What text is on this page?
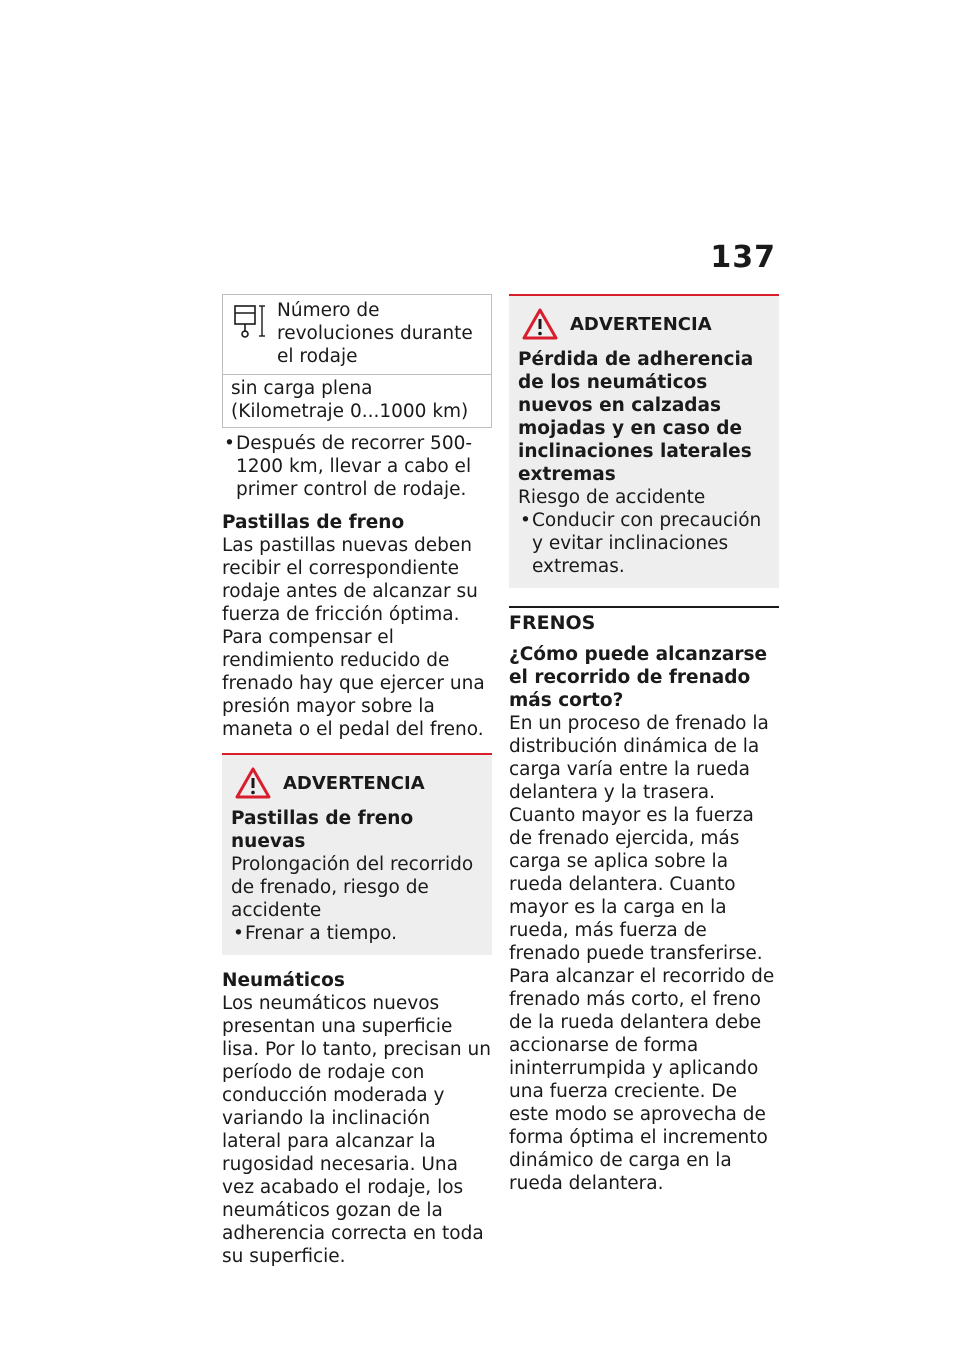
137
Número de revoluciones durante el rodaje
sin carga plena (Kilometraje 0...1000 km)
• Después de recorrer 500-1200 km, llevar a cabo el primer control de rodaje.
Pastillas de freno

Las pastillas nuevas deben recibir el correspondiente rodaje antes de alcanzar su fuerza de fricción óptima. Para compensar el rendimiento reducido de frenado hay que ejercer una presión mayor sobre la maneta o el pedal del freno.

ADVERTENCIA
Pastillas de freno nuevas
Prolongación del recorrido de frenado, riesgo de accidente
• Frenar a tiempo.
Neumáticos

Los neumáticos nuevos presentan una superficie lisa. Por lo tanto, precisan un período de rodaje con conducción moderada y variando la inclinación lateral para alcanzar la rugosidad necesaria. Una vez acabado el rodaje, los neumáticos gozan de la adherencia correcta en toda su superficie.

ADVERTENCIA
Pérdida de adherencia de los neumáticos nuevos en calzadas mojadas y en caso de inclinaciones laterales extremas
Riesgo de accidente
• Conducir con precaución y evitar inclinaciones extremas.
FRENOS
¿Cómo puede alcanzarse el recorrido de frenado más corto?

En un proceso de frenado la distribución dinámica de la carga varía entre la rueda delantera y la trasera. Cuanto mayor es la fuerza de frenado ejercida, más carga se aplica sobre la rueda delantera. Cuanto mayor es la carga en la rueda, más fuerza de frenado puede transferirse.

Para alcanzar el recorrido de frenado más corto, el freno de la rueda delantera debe accionarse de forma ininterrumpida y aplicando una fuerza creciente. De este modo se aprovecha de forma óptima el incremento dinámico de carga en la rueda delantera.
